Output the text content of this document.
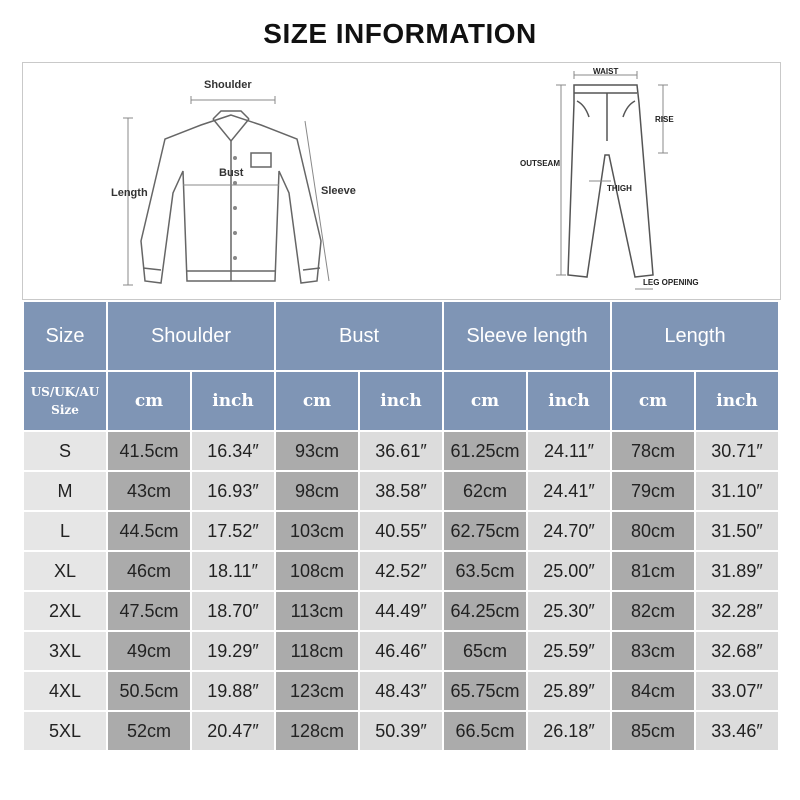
SIZE INFORMATION
Shoulder
Bust
Length	Sleeve
WAIST
RISE
OUTSEAM
THIGH
LEG OPENING
Size	Shoulder		Bust		Sleeve length		Length	

US/UK/AU
Size	cm	inch	cm	inch	cm	inch	cm	inch
S	41.5cm	16.34″	93cm	36.61″	61.25cm	24.11″	78cm	30.71″
M	43cm	16.93″	98cm	38.58″	62cm	24.41″	79cm	31.10″
L	44.5cm	17.52″	103cm	40.55″	62.75cm	24.70″	80cm	31.50″
XL	46cm	18.11″	108cm	42.52″	63.5cm	25.00″	81cm	31.89″
2XL	47.5cm	18.70″	113cm	44.49″	64.25cm	25.30″	82cm	32.28″
3XL	49cm	19.29″	118cm	46.46″	65cm	25.59″	83cm	32.68″
4XL	50.5cm	19.88″	123cm	48.43″	65.75cm	25.89″	84cm	33.07″
5XL	52cm	20.47″	128cm	50.39″	66.5cm	26.18″	85cm	33.46″
